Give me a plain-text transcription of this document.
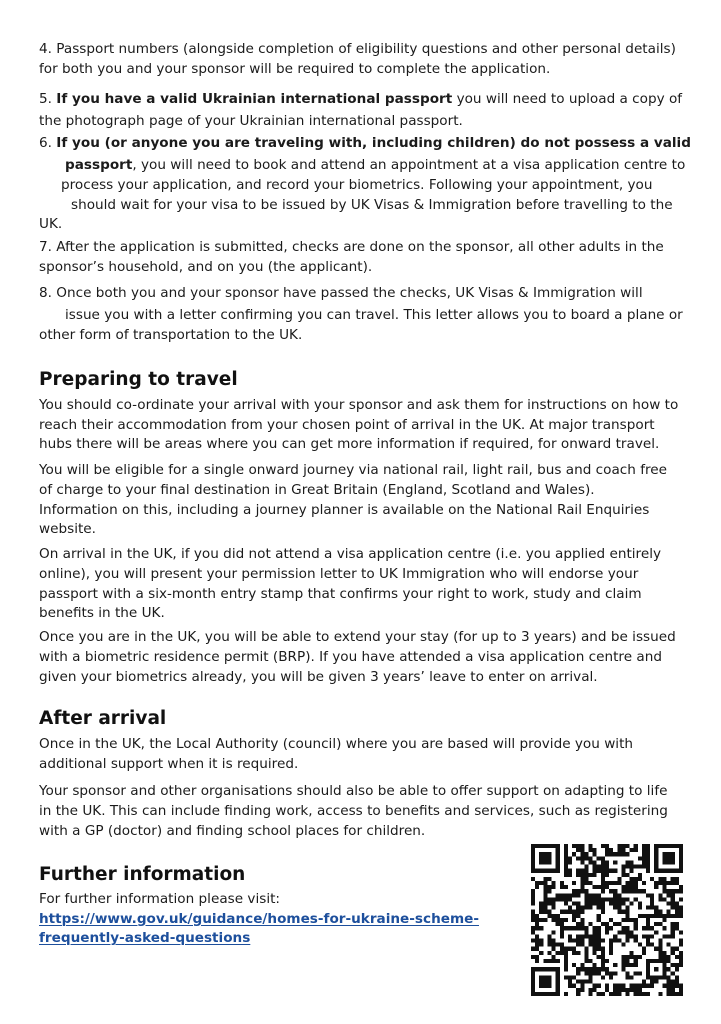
4. Passport numbers (alongside completion of eligibility questions and other personal details)
for both you and your sponsor will be required to complete the application.

5. If you have a valid Ukrainian international passport you will need to upload a copy of
the photograph page of your Ukrainian international passport.

6. If you (or anyone you are traveling with, including children) do not possess a valid
passport, you will need to book and attend an appointment at a visa application centre to
process your application, and record your biometrics. Following your appointment, you
should wait for your visa to be issued by UK Visas & Immigration before travelling to the
UK.

7. After the application is submitted, checks are done on the sponsor, all other adults in the
sponsor’s household, and on you (the applicant).

8. Once both you and your sponsor have passed the checks, UK Visas & Immigration will
issue you with a letter confirming you can travel. This letter allows you to board a plane or
other form of transportation to the UK.

Preparing to travel

You should co-ordinate your arrival with your sponsor and ask them for instructions on how to
reach their accommodation from your chosen point of arrival in the UK. At major transport
hubs there will be areas where you can get more information if required, for onward travel.

You will be eligible for a single onward journey via national rail, light rail, bus and coach free
of charge to your final destination in Great Britain (England, Scotland and Wales).
Information on this, including a journey planner is available on the National Rail Enquiries
website.

On arrival in the UK, if you did not attend a visa application centre (i.e. you applied entirely
online), you will present your permission letter to UK Immigration who will endorse your
passport with a six-month entry stamp that confirms your right to work, study and claim
benefits in the UK.

Once you are in the UK, you will be able to extend your stay (for up to 3 years) and be issued
with a biometric residence permit (BRP). If you have attended a visa application centre and
given your biometrics already, you will be given 3 years’ leave to enter on arrival.

After arrival

Once in the UK, the Local Authority (council) where you are based will provide you with
additional support when it is required.

Your sponsor and other organisations should also be able to offer support on adapting to life
in the UK. This can include finding work, access to benefits and services, such as registering
with a GP (doctor) and finding school places for children.

Further information

For further information please visit:
https://www.gov.uk/guidance/homes-for-ukraine-scheme-
frequently-asked-questions
